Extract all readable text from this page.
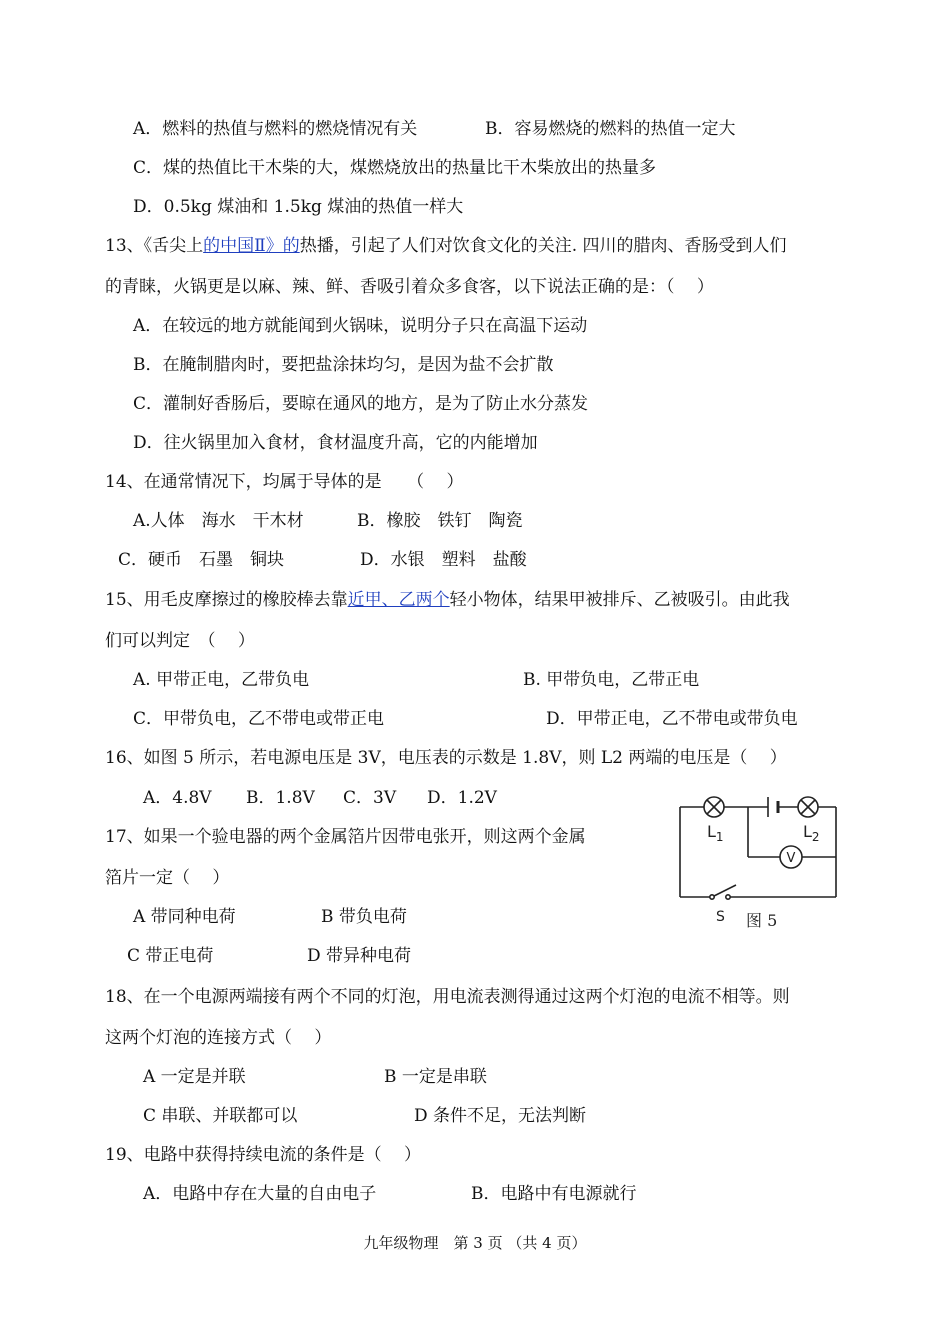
A．燃料的热值与燃料的燃烧情况有关	B．容易燃烧的燃料的热值一定大
C．煤的热值比干木柴的大，煤燃烧放出的热量比干木柴放出的热量多
D．0.5kg 煤油和 1.5kg 煤油的热值一样大
13、《舌尖上的中国Ⅱ》的热播，引起了人们对饮食文化的关注. 四川的腊肉、香肠受到人们
的青睐，火锅更是以麻、辣、鲜、香吸引着众多食客，以下说法正确的是：（　 ）
A．在较远的地方就能闻到火锅味，说明分子只在高温下运动
B．在腌制腊肉时，要把盐涂抹均匀，是因为盐不会扩散
C．灌制好香肠后，要晾在通风的地方，是为了防止水分蒸发
D．往火锅里加入食材，食材温度升高，它的内能增加
14、在通常情况下，均属于导体的是　　（　 ）
A.人体　海水　干木材	B．橡胶　铁钉　陶瓷
C．硬币　石墨　铜块	D．水银　塑料　盐酸
15、用毛皮摩擦过的橡胶棒去靠近甲、乙两个轻小物体，结果甲被排斥、乙被吸引。由此我
们可以判定　（　 ）
A. 甲带正电，乙带负电	B. 甲带负电，乙带正电
C．甲带负电，乙不带电或带正电	D．甲带正电，乙不带电或带负电
16、如图 5 所示，若电源电压是 3V，电压表的示数是 1.8V，则 L2 两端的电压是（　 ）
A．4.8V B．1.8V C．3V D．1.2V
17、如果一个验电器的两个金属箔片因带电张开，则这两个金属
箔片一定（　 ）
A 带同种电荷	B 带负电荷
C 带正电荷	D 带异种电荷
V
$L_1$	$L_2$
S 图 5
18、在一个电源两端接有两个不同的灯泡，用电流表测得通过这两个灯泡的电流不相等。则
这两个灯泡的连接方式（　 ）
A 一定是并联	B 一定是串联
C 串联、并联都可以	D 条件不足，无法判断
19、电路中获得持续电流的条件是（　 ）
A．电路中存在大量的自由电子	B．电路中有电源就行
九年级物理　第 3 页 （共 4 页）
